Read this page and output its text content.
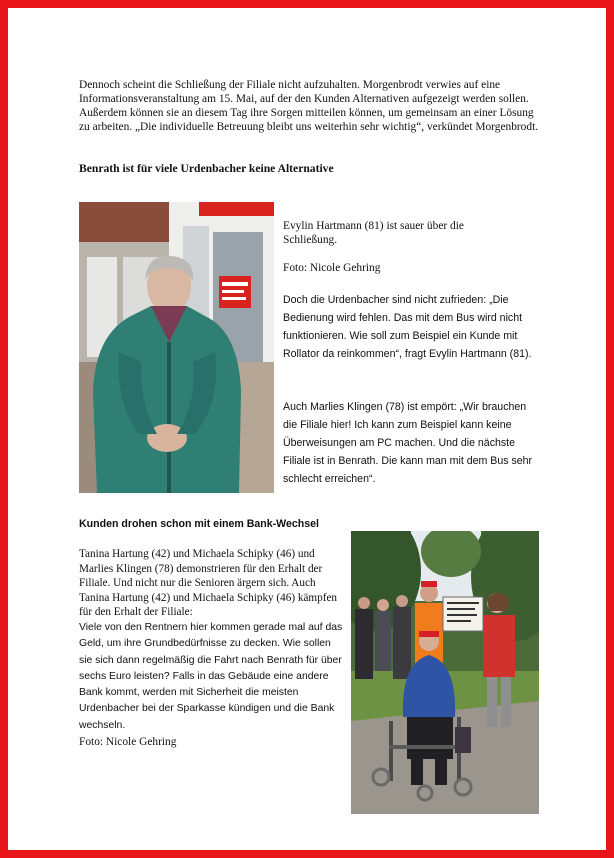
Dennoch scheint die Schließung der Filiale nicht aufzuhalten. Morgenbrodt verwies auf eine Informationsveranstaltung am 15. Mai, auf der den Kunden Alternativen aufgezeigt werden sollen. Außerdem können sie an diesem Tag ihre Sorgen mitteilen können, um gemeinsam an einer Lösung zu arbeiten. „Die individuelle Betreuung bleibt uns weiterhin sehr wichtig“, verkündet Morgenbrodt.

Benrath ist für viele Urdenbacher keine Alternative

Evylin Hartmann (81) ist sauer über die Schließung.

Foto: Nicole Gehring

Doch die Urdenbacher sind nicht zufrieden: „Die Bedienung wird fehlen. Das mit dem Bus wird nicht funktionieren. Wie soll zum Beispiel ein Kunde mit Rollator da reinkommen“, fragt Evylin Hartmann (81).

Auch Marlies Klingen (78) ist empört: „Wir brauchen die Filiale hier! Ich kann zum Beispiel kann keine Überweisungen am PC machen. Und die nächste Filiale ist in Benrath. Die kann man mit dem Bus sehr schlecht erreichen“.

Kunden drohen schon mit einem Bank-Wechsel

Tanina Hartung (42) und Michaela Schipky (46) und Marlies Klingen (78) demonstrieren für den Erhalt der Filiale. Und nicht nur die Senioren ärgern sich. Auch Tanina Hartung (42) und Michaela Schipky (46) kämpfen für den Erhalt der Filiale:

Viele von den Rentnern hier kommen gerade mal auf das Geld, um ihre Grundbedürfnisse zu decken. Wie sollen sie sich dann regelmäßig die Fahrt nach Benrath für über sechs Euro leisten? Falls in das Gebäude eine andere Bank kommt, werden mit Sicherheit die meisten Urdenbacher bei der Sparkasse kündigen und die Bank wechseln.

Foto: Nicole Gehring
